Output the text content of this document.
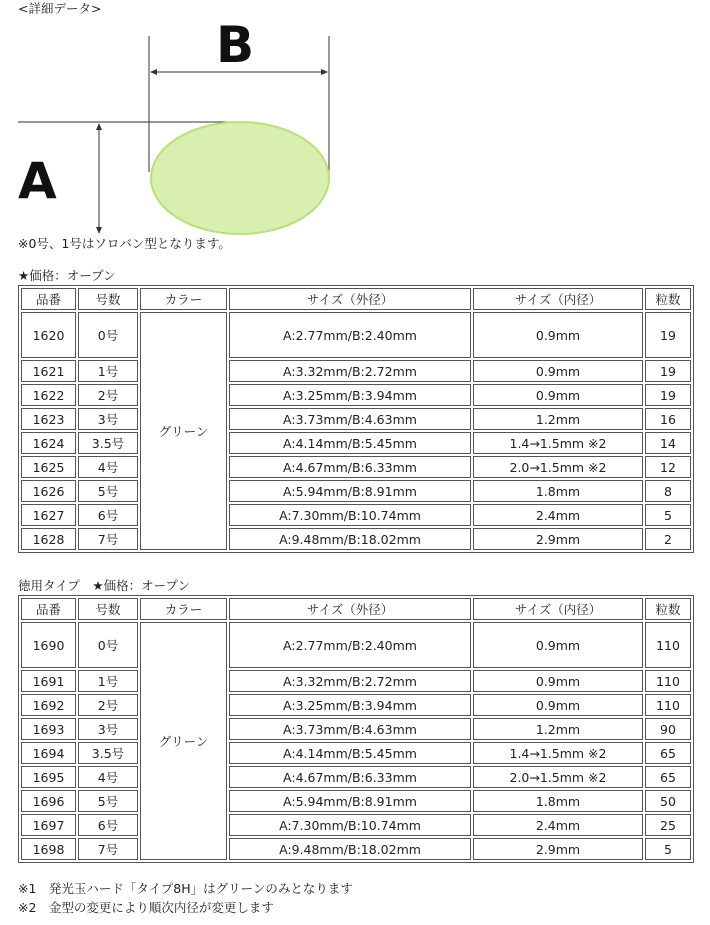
<詳細データ>
B
A
※0号、1号はソロバン型となります。
★価格：オープン
品番	号数	カラー	サイズ（外径）	サイズ（内径）	粒数
1620	0号	グリーン	A:2.77mm/B:2.40mm	0.9mm	19
1621	1号		A:3.32mm/B:2.72mm	0.9mm	19
1622	2号		A:3.25mm/B:3.94mm	0.9mm	19
1623	3号		A:3.73mm/B:4.63mm	1.2mm	16
1624	3.5号		A:4.14mm/B:5.45mm	1.4→1.5mm ※2	14
1625	4号		A:4.67mm/B:6.33mm	2.0→1.5mm ※2	12
1626	5号		A:5.94mm/B:8.91mm	1.8mm	8
1627	6号		A:7.30mm/B:10.74mm	2.4mm	5
1628	7号		A:9.48mm/B:18.02mm	2.9mm	2
徳用タイプ　★価格：オープン
品番	号数	カラー	サイズ（外径）	サイズ（内径）	粒数
1690	0号	グリーン	A:2.77mm/B:2.40mm	0.9mm	110
1691	1号		A:3.32mm/B:2.72mm	0.9mm	110
1692	2号		A:3.25mm/B:3.94mm	0.9mm	110
1693	3号		A:3.73mm/B:4.63mm	1.2mm	90
1694	3.5号		A:4.14mm/B:5.45mm	1.4→1.5mm ※2	65
1695	4号		A:4.67mm/B:6.33mm	2.0→1.5mm ※2	65
1696	5号		A:5.94mm/B:8.91mm	1.8mm	50
1697	6号		A:7.30mm/B:10.74mm	2.4mm	25
1698	7号		A:9.48mm/B:18.02mm	2.9mm	5
※1　発光玉ハード「タイプ8H」はグリーンのみとなります
※2　金型の変更により順次内径が変更します
